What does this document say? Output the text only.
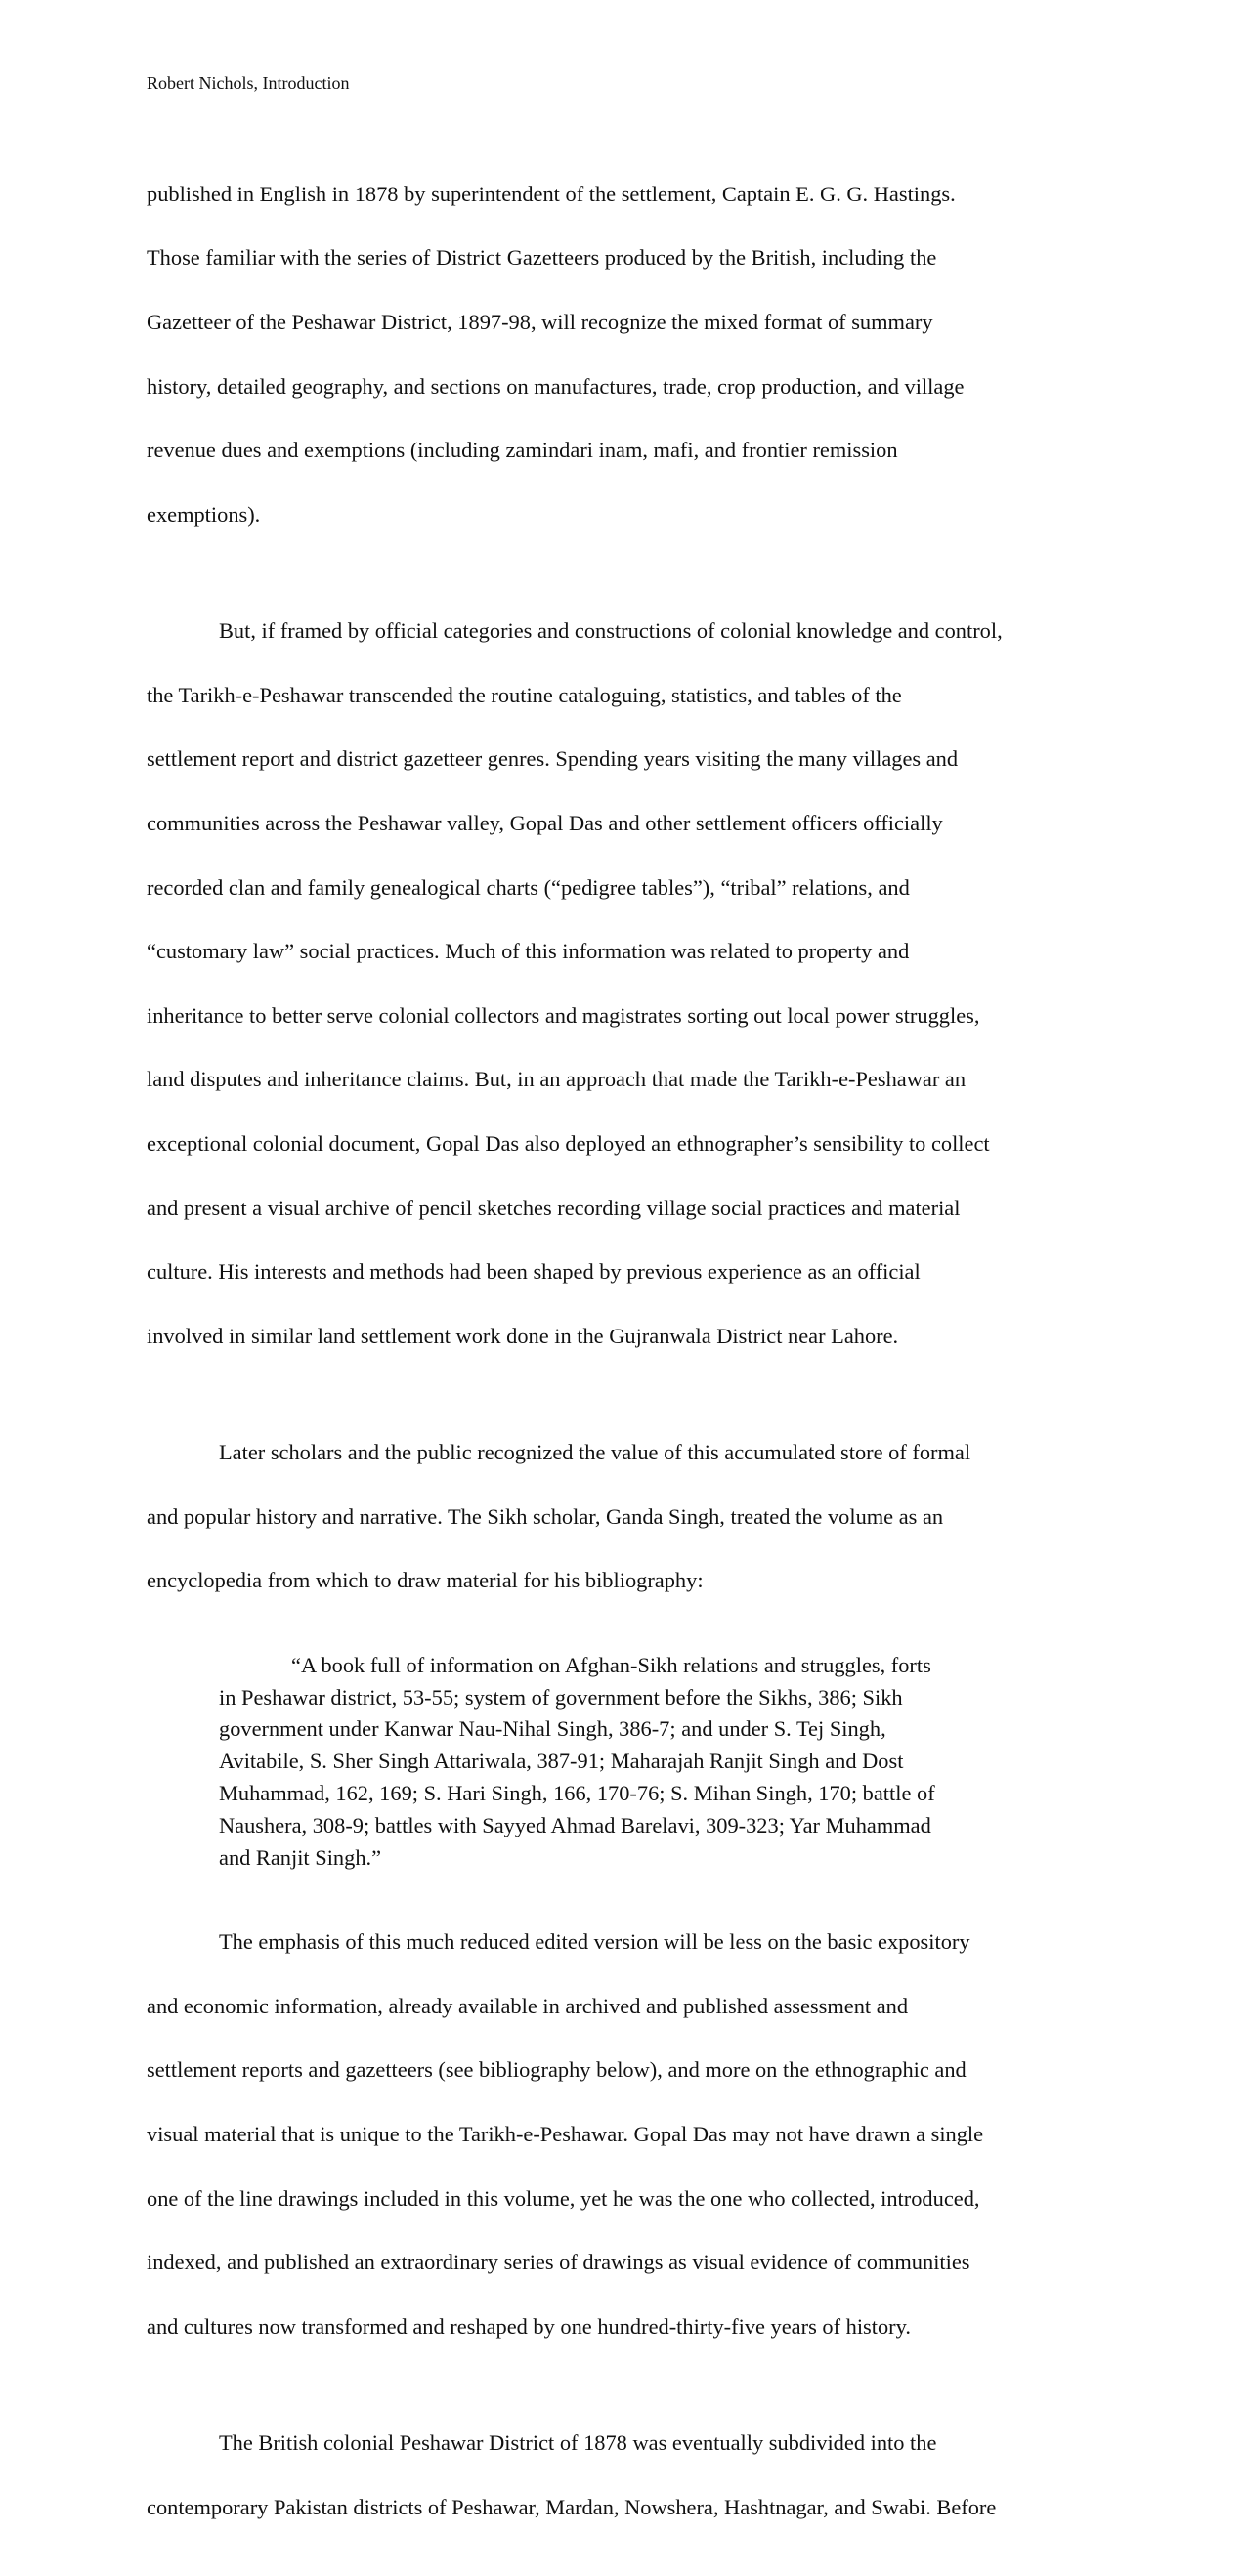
Robert Nichols, Introduction

published in English in 1878 by superintendent of the settlement, Captain E. G. G. Hastings.

Those familiar with the series of District Gazetteers produced by the British, including the

Gazetteer of the Peshawar District, 1897-98, will recognize the mixed format of summary

history, detailed geography, and sections on manufactures, trade, crop production, and village

revenue dues and exemptions (including zamindari inam, mafi, and frontier remission

exemptions).

But, if framed by official categories and constructions of colonial knowledge and control,

the Tarikh-e-Peshawar transcended the routine cataloguing, statistics, and tables of the

settlement report and district gazetteer genres. Spending years visiting the many villages and

communities across the Peshawar valley, Gopal Das and other settlement officers officially

recorded clan and family genealogical charts (“pedigree tables”), “tribal” relations, and

“customary law” social practices. Much of this information was related to property and

inheritance to better serve colonial collectors and magistrates sorting out local power struggles,

land disputes and inheritance claims. But, in an approach that made the Tarikh-e-Peshawar an

exceptional colonial document, Gopal Das also deployed an ethnographer’s sensibility to collect

and present a visual archive of pencil sketches recording village social practices and material

culture. His interests and methods had been shaped by previous experience as an official

involved in similar land settlement work done in the Gujranwala District near Lahore.

Later scholars and the public recognized the value of this accumulated store of formal

and popular history and narrative. The Sikh scholar, Ganda Singh, treated the volume as an

encyclopedia from which to draw material for his bibliography:

“A book full of information on Afghan-Sikh relations and struggles, forts
in Peshawar district, 53-55; system of government before the Sikhs, 386; Sikh
government under Kanwar Nau-Nihal Singh, 386-7; and under S. Tej Singh,
Avitabile, S. Sher Singh Attariwala, 387-91; Maharajah Ranjit Singh and Dost
Muhammad, 162, 169; S. Hari Singh, 166, 170-76; S. Mihan Singh, 170; battle of
Naushera, 308-9; battles with Sayyed Ahmad Barelavi, 309-323; Yar Muhammad
and Ranjit Singh.”

The emphasis of this much reduced edited version will be less on the basic expository

and economic information, already available in archived and published assessment and

settlement reports and gazetteers (see bibliography below), and more on the ethnographic and

visual material that is unique to the Tarikh-e-Peshawar. Gopal Das may not have drawn a single

one of the line drawings included in this volume, yet he was the one who collected, introduced,

indexed, and published an extraordinary series of drawings as visual evidence of communities

and cultures now transformed and reshaped by one hundred-thirty-five years of history.

The British colonial Peshawar District of 1878 was eventually subdivided into the

contemporary Pakistan districts of Peshawar, Mardan, Nowshera, Hashtnagar, and Swabi. Before
